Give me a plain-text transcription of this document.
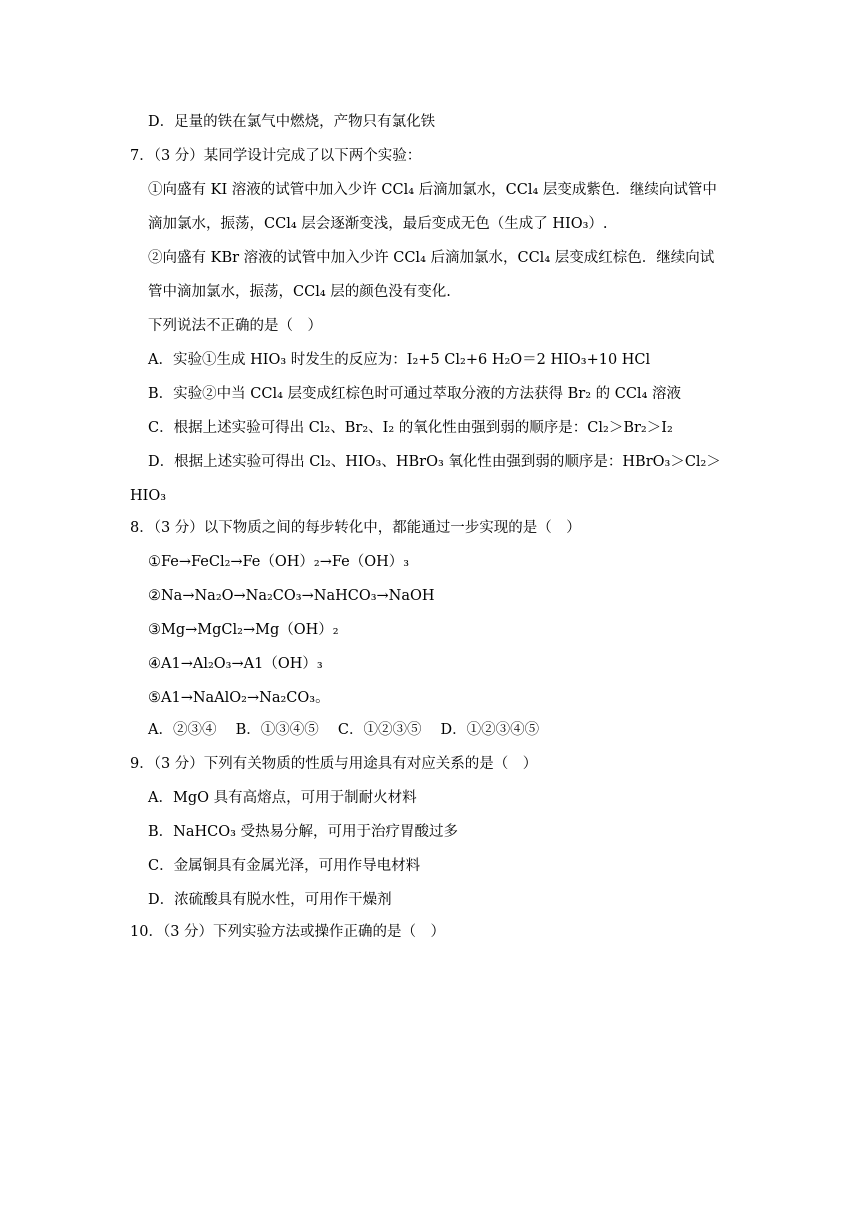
D．足量的铁在氯气中燃烧，产物只有氯化铁
7．（3 分）某同学设计完成了以下两个实验：
①向盛有 KI 溶液的试管中加入少许 CCl₄ 后滴加氯水，CCl₄ 层变成紫色．继续向试管中
滴加氯水，振荡，CCl₄ 层会逐渐变浅，最后变成无色（生成了 HIO₃）.
②向盛有 KBr 溶液的试管中加入少许 CCl₄ 后滴加氯水，CCl₄ 层变成红棕色．继续向试
管中滴加氯水，振荡，CCl₄ 层的颜色没有变化.
下列说法不正确的是（　）
A．实验①生成 HIO₃ 时发生的反应为：I₂+5 Cl₂+6 H₂O＝2 HIO₃+10 HCl
B．实验②中当 CCl₄ 层变成红棕色时可通过萃取分液的方法获得 Br₂ 的 CCl₄ 溶液
C．根据上述实验可得出 Cl₂、Br₂、I₂ 的氧化性由强到弱的顺序是：Cl₂＞Br₂＞I₂
D．根据上述实验可得出 Cl₂、HIO₃、HBrO₃ 氧化性由强到弱的顺序是：HBrO₃＞Cl₂＞
HIO₃
8．（3 分）以下物质之间的每步转化中，都能通过一步实现的是（　）
①Fe→FeCl₂→Fe（OH）₂→Fe（OH）₃
②Na→Na₂O→Na₂CO₃→NaHCO₃→NaOH
③Mg→MgCl₂→Mg（OH）₂
④A1→Al₂O₃→A1（OH）₃
⑤A1→NaAlO₂→Na₂CO₃。
A．②③④　 B．①③④⑤　 C．①②③⑤　 D．①②③④⑤
9．（3 分）下列有关物质的性质与用途具有对应关系的是（　）
A．MgO 具有高熔点，可用于制耐火材料
B．NaHCO₃ 受热易分解，可用于治疗胃酸过多
C．金属铜具有金属光泽，可用作导电材料
D．浓硫酸具有脱水性，可用作干燥剂
10．（3 分）下列实验方法或操作正确的是（　）
